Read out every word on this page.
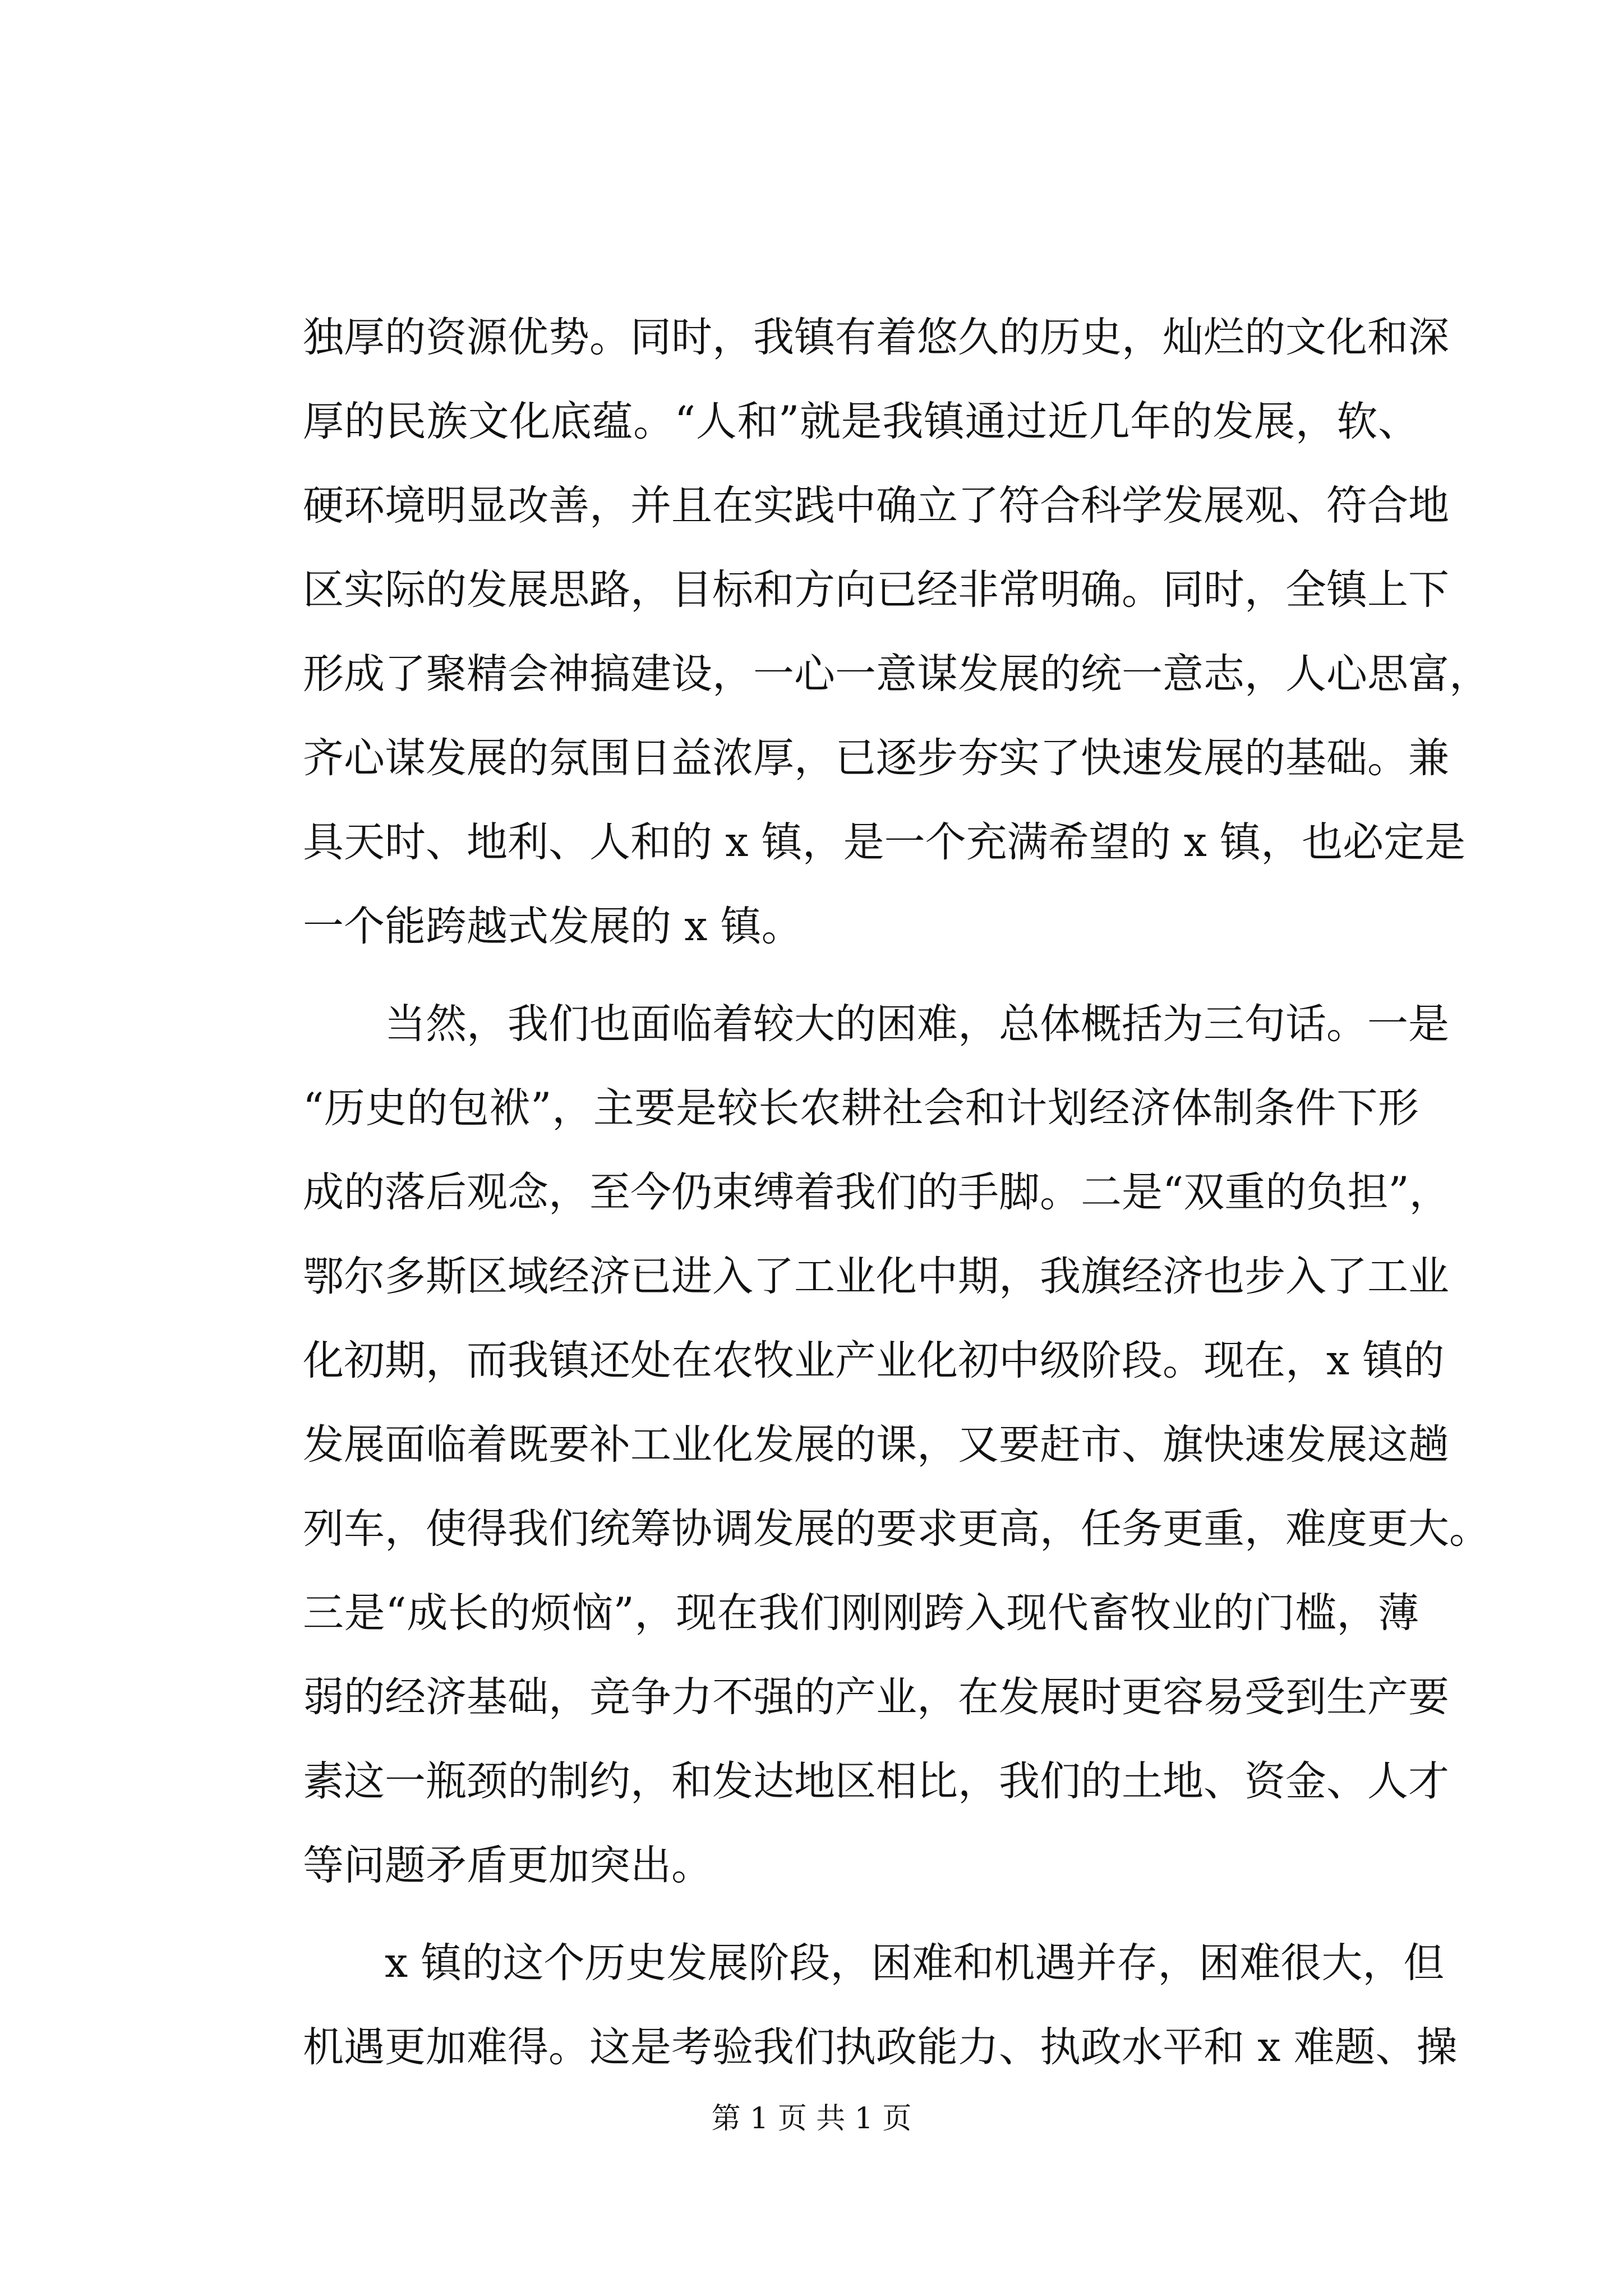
独厚的资源优势。同时，我镇有着悠久的历史，灿烂的文化和深
厚的民族文化底蕴。“人和”就是我镇通过近几年的发展，软、
硬环境明显改善，并且在实践中确立了符合科学发展观、符合地
区实际的发展思路，目标和方向已经非常明确。同时，全镇上下
形成了聚精会神搞建设，一心一意谋发展的统一意志，人心思富，
齐心谋发展的氛围日益浓厚，已逐步夯实了快速发展的基础。兼
具天时、地利、人和的 x 镇，是一个充满希望的 x 镇，也必定是
一个能跨越式发展的 x 镇。
　　当然，我们也面临着较大的困难，总体概括为三句话。一是
“历史的包袱”，主要是较长农耕社会和计划经济体制条件下形
成的落后观念，至今仍束缚着我们的手脚。二是“双重的负担”，
鄂尔多斯区域经济已进入了工业化中期，我旗经济也步入了工业
化初期，而我镇还处在农牧业产业化初中级阶段。现在，x 镇的
发展面临着既要补工业化发展的课，又要赶市、旗快速发展这趟
列车，使得我们统筹协调发展的要求更高，任务更重，难度更大。
三是“成长的烦恼”，现在我们刚刚跨入现代畜牧业的门槛，薄
弱的经济基础，竞争力不强的产业，在发展时更容易受到生产要
素这一瓶颈的制约，和发达地区相比，我们的土地、资金、人才
等问题矛盾更加突出。
　　x 镇的这个历史发展阶段，困难和机遇并存，困难很大，但
机遇更加难得。这是考验我们执政能力、执政水平和 x 难题、操
第 1 页 共 1 页
